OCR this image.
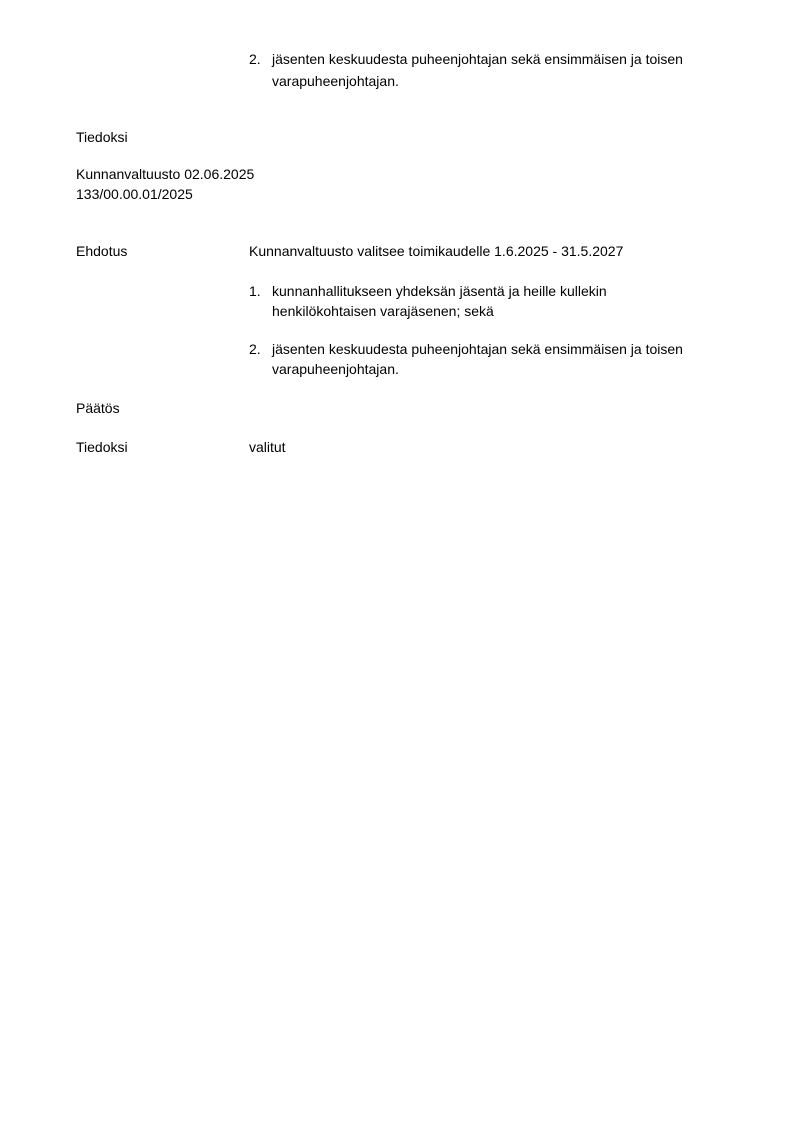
2. jäsenten keskuudesta puheenjohtajan sekä ensimmäisen ja toisen
varapuheenjohtajan.
Tiedoksi
Kunnanvaltuusto 02.06.2025
133/00.00.01/2025
Ehdotus	Kunnanvaltuusto valitsee toimikaudelle 1.6.2025 - 31.5.2027
1. kunnanhallitukseen yhdeksän jäsentä ja heille kullekin
henkilökohtaisen varajäsenen; sekä
2. jäsenten keskuudesta puheenjohtajan sekä ensimmäisen ja toisen
varapuheenjohtajan.
Päätös
Tiedoksi	valitut
